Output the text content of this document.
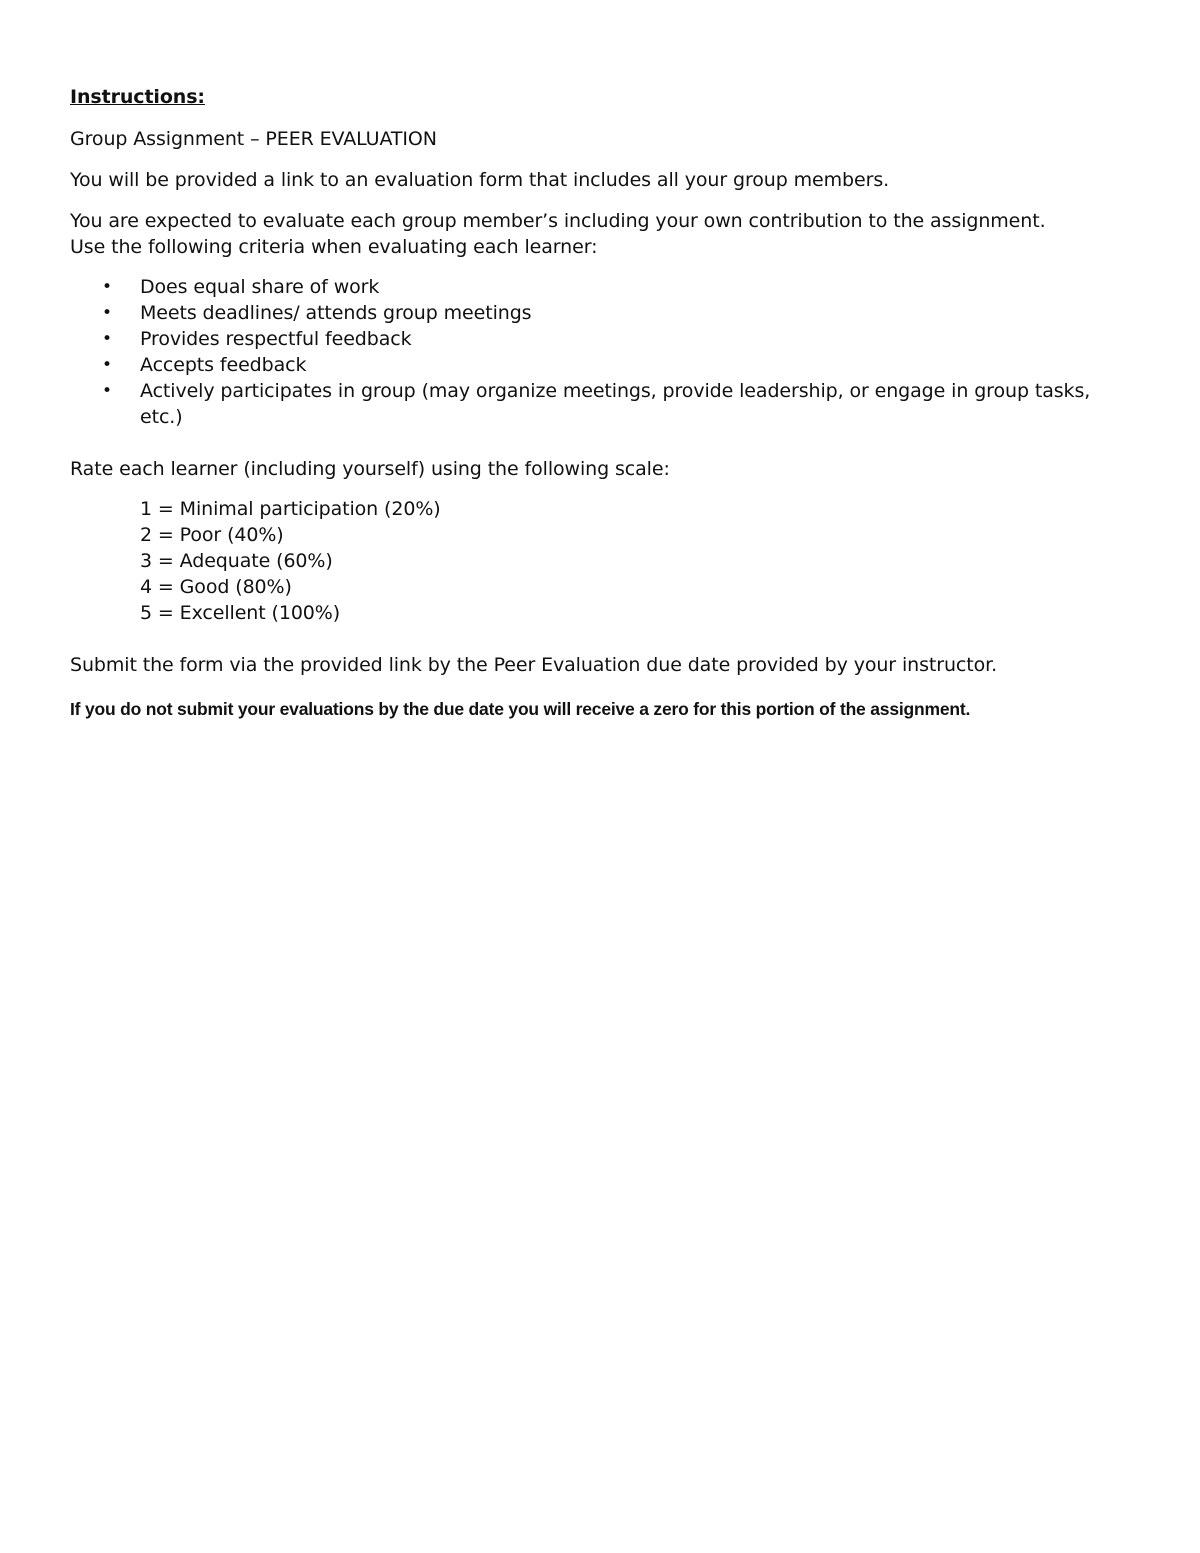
Instructions:
Group Assignment – PEER EVALUATION
You will be provided a link to an evaluation form that includes all your group members.
You are expected to evaluate each group member’s including your own contribution to the assignment.
Use the following criteria when evaluating each learner:
• Does equal share of work
• Meets deadlines/ attends group meetings
• Provides respectful feedback
• Accepts feedback
• Actively participates in group (may organize meetings, provide leadership, or engage in group tasks, etc.)
Rate each learner (including yourself) using the following scale:
1 = Minimal participation (20%)
2 = Poor (40%)
3 = Adequate (60%)
4 = Good (80%)
5 = Excellent (100%)
Submit the form via the provided link by the Peer Evaluation due date provided by your instructor.
If you do not submit your evaluations by the due date you will receive a zero for this portion of the assignment.
